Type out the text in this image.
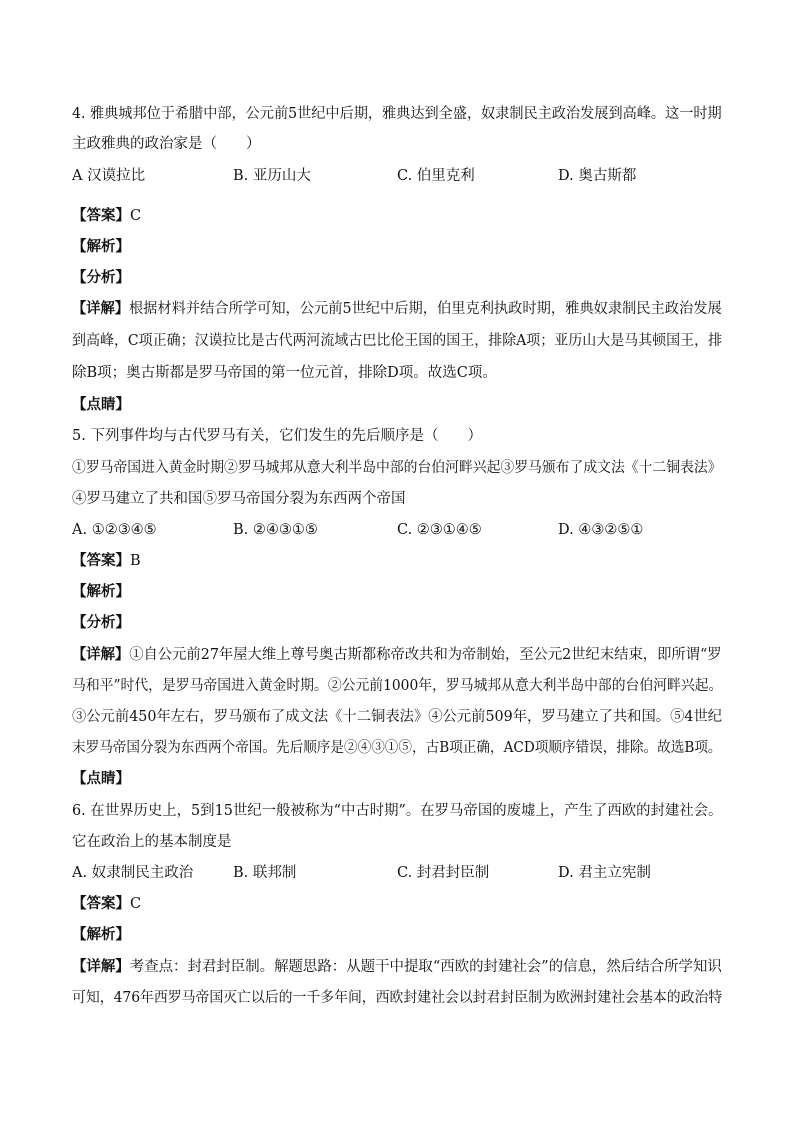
4. 雅典城邦位于希腊中部，公元前5世纪中后期，雅典达到全盛，奴隶制民主政治发展到高峰。这一时期
主政雅典的政治家是（　　）
A 汉谟拉比	B. 亚历山大	C. 伯里克利	D. 奥古斯都
【答案】C
【解析】
【分析】
【详解】根据材料并结合所学可知，公元前5世纪中后期，伯里克利执政时期，雅典奴隶制民主政治发展
到高峰，C项正确；汉谟拉比是古代两河流域古巴比伦王国的国王，排除A项；亚历山大是马其顿国王，排
除B项；奥古斯都是罗马帝国的第一位元首，排除D项。故选C项。
【点睛】
5. 下列事件均与古代罗马有关，它们发生的先后顺序是（　　）
①罗马帝国进入黄金时期②罗马城邦从意大利半岛中部的台伯河畔兴起③罗马颁布了成文法《十二铜表法》
④罗马建立了共和国⑤罗马帝国分裂为东西两个帝国
A. ①②③④⑤	B. ②④③①⑤	C. ②③①④⑤	D. ④③②⑤①
【答案】B
【解析】
【分析】
【详解】①自公元前27年屋大维上尊号奥古斯都称帝改共和为帝制始，至公元2世纪末结束，即所谓“罗
马和平”时代，是罗马帝国进入黄金时期。②公元前1000年，罗马城邦从意大利半岛中部的台伯河畔兴起。
③公元前450年左右，罗马颁布了成文法《十二铜表法》④公元前509年，罗马建立了共和国。⑤4世纪
末罗马帝国分裂为东西两个帝国。先后顺序是②④③①⑤，古B项正确，ACD项顺序错误，排除。故选B项。
【点睛】
6. 在世界历史上，5到15世纪一般被称为“中古时期”。在罗马帝国的废墟上，产生了西欧的封建社会。
它在政治上的基本制度是
A. 奴隶制民主政治	B. 联邦制	C. 封君封臣制	D. 君主立宪制
【答案】C
【解析】
【详解】考查点：封君封臣制。解题思路：从题干中提取“西欧的封建社会”的信息，然后结合所学知识
可知，476年西罗马帝国灭亡以后的一千多年间，西欧封建社会以封君封臣制为欧洲封建社会基本的政治特
